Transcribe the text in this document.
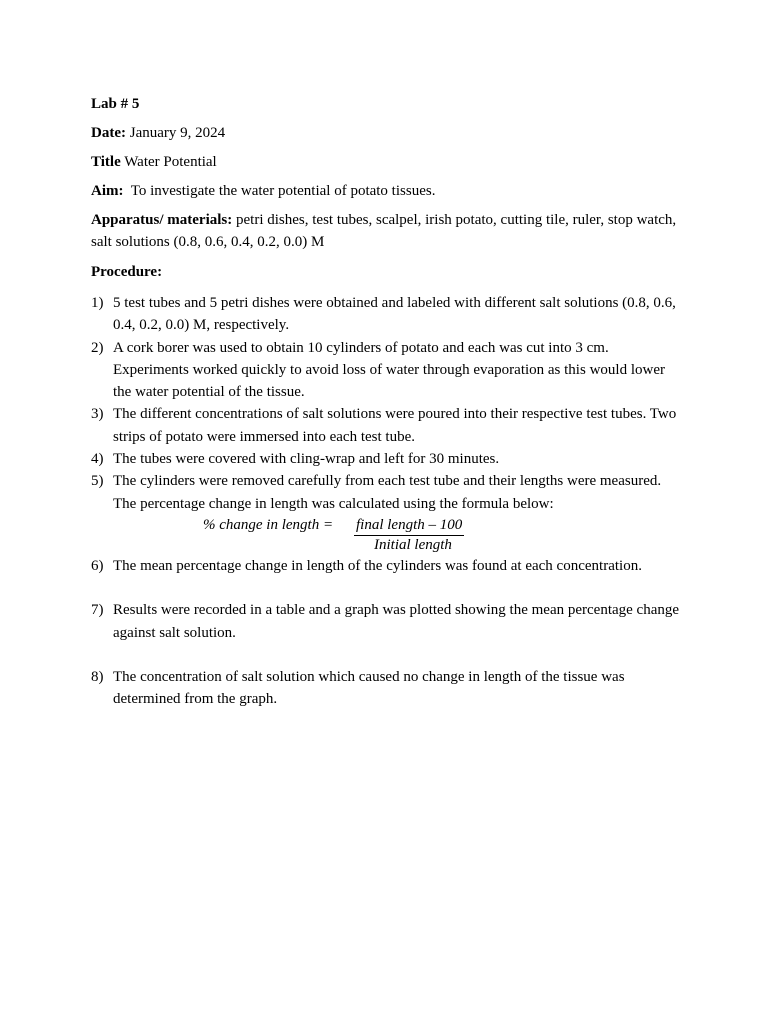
Lab # 5
Date: January 9, 2024
Title Water Potential
Aim:  To investigate the water potential of potato tissues.
Apparatus/ materials: petri dishes, test tubes, scalpel, irish potato, cutting tile, ruler, stop watch, salt solutions (0.8, 0.6, 0.4, 0.2, 0.0) M
Procedure:
1) 5 test tubes and 5 petri dishes were obtained and labeled with different salt solutions (0.8, 0.6, 0.4, 0.2, 0.0) M, respectively.
2) A cork borer was used to obtain 10 cylinders of potato and each was cut into 3 cm. Experiments worked quickly to avoid loss of water through evaporation as this would lower the water potential of the tissue.
3) The different concentrations of salt solutions were poured into their respective test tubes. Two strips of potato were immersed into each test tube.
4) The tubes were covered with cling-wrap and left for 30 minutes.
5) The cylinders were removed carefully from each test tube and their lengths were measured. The percentage change in length was calculated using the formula below:
% change in length = final length – 100
Initial length
6) The mean percentage change in length of the cylinders was found at each concentration.
7) Results were recorded in a table and a graph was plotted showing the mean percentage change against salt solution.
8) The concentration of salt solution which caused no change in length of the tissue was determined from the graph.
